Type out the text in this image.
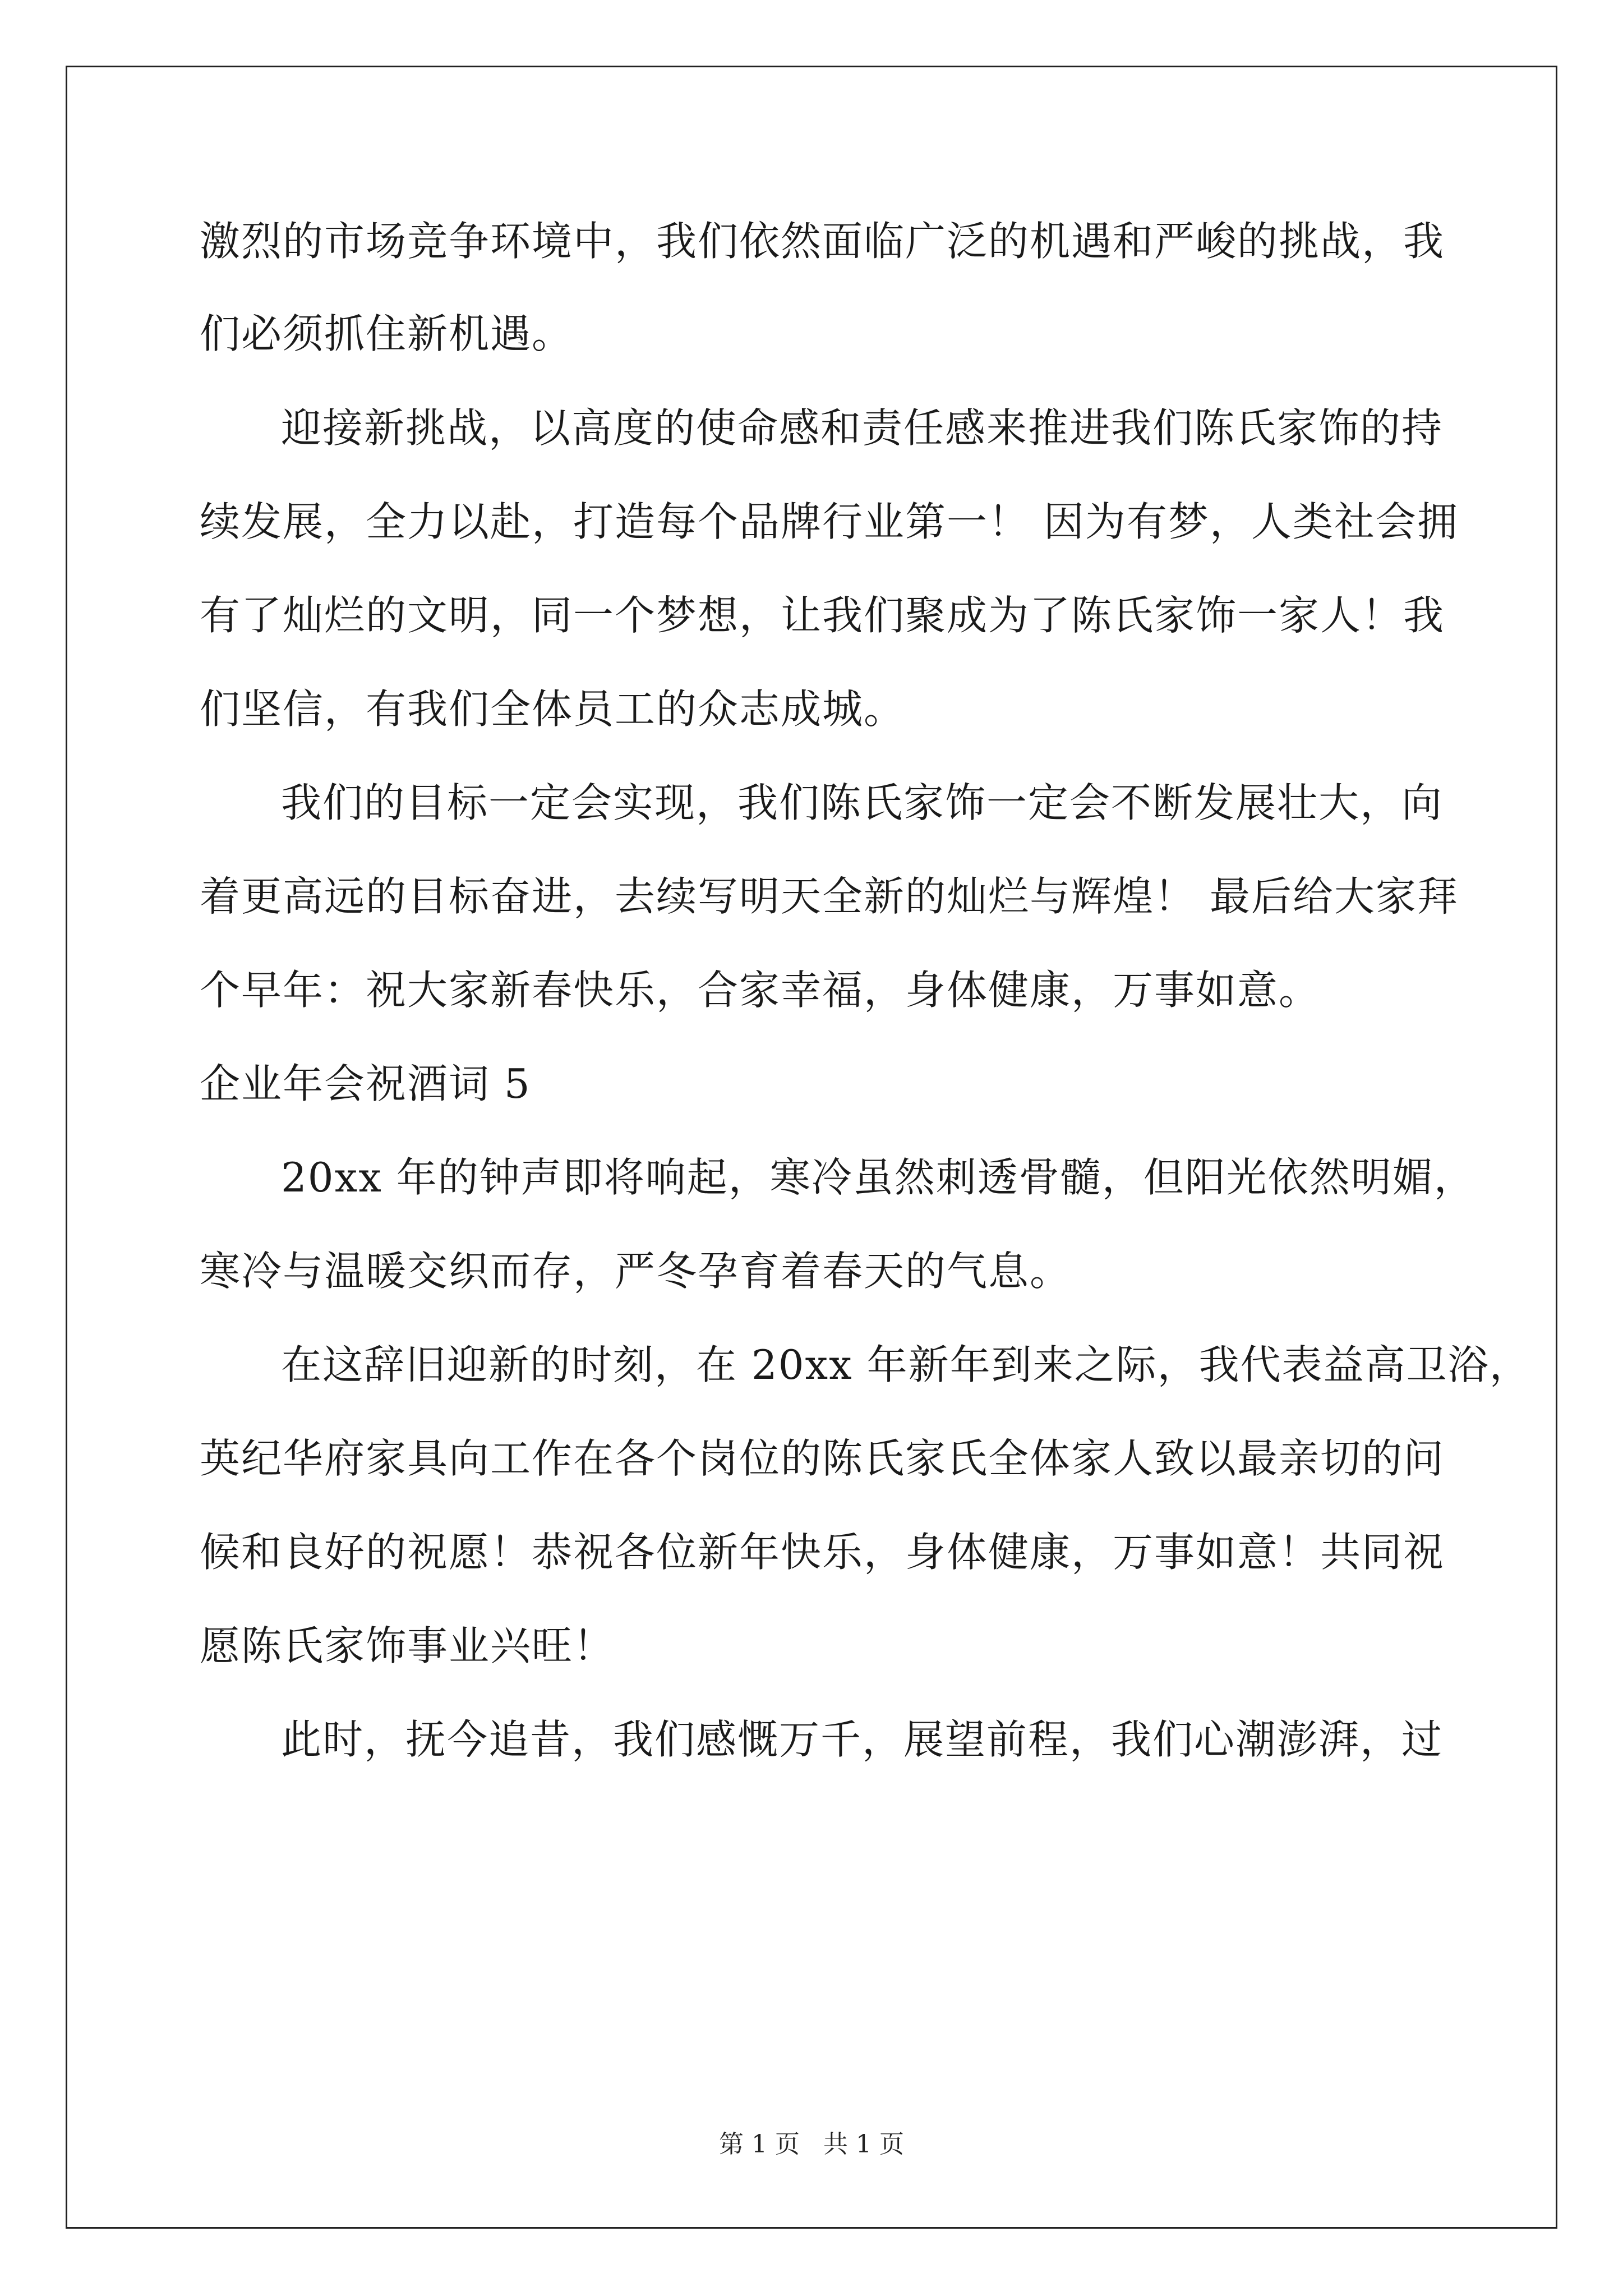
激烈的市场竞争环境中，我们依然面临广泛的机遇和严峻的挑战，我
们必须抓住新机遇。
迎接新挑战，以高度的使命感和责任感来推进我们陈氏家饰的持
续发展，全力以赴，打造每个品牌行业第一！ 因为有梦，人类社会拥
有了灿烂的文明，同一个梦想，让我们聚成为了陈氏家饰一家人！我
们坚信，有我们全体员工的众志成城。
我们的目标一定会实现，我们陈氏家饰一定会不断发展壮大，向
着更高远的目标奋进，去续写明天全新的灿烂与辉煌！ 最后给大家拜
个早年：祝大家新春快乐，合家幸福，身体健康，万事如意。
企业年会祝酒词 5
20xx 年的钟声即将响起，寒冷虽然刺透骨髓，但阳光依然明媚，
寒冷与温暖交织而存，严冬孕育着春天的气息。
在这辞旧迎新的时刻，在 20xx 年新年到来之际，我代表益高卫浴，
英纪华府家具向工作在各个岗位的陈氏家氏全体家人致以最亲切的问
候和良好的祝愿！恭祝各位新年快乐，身体健康，万事如意！共同祝
愿陈氏家饰事业兴旺！
此时，抚今追昔，我们感慨万千，展望前程，我们心潮澎湃，过
第 1 页   共 1 页
